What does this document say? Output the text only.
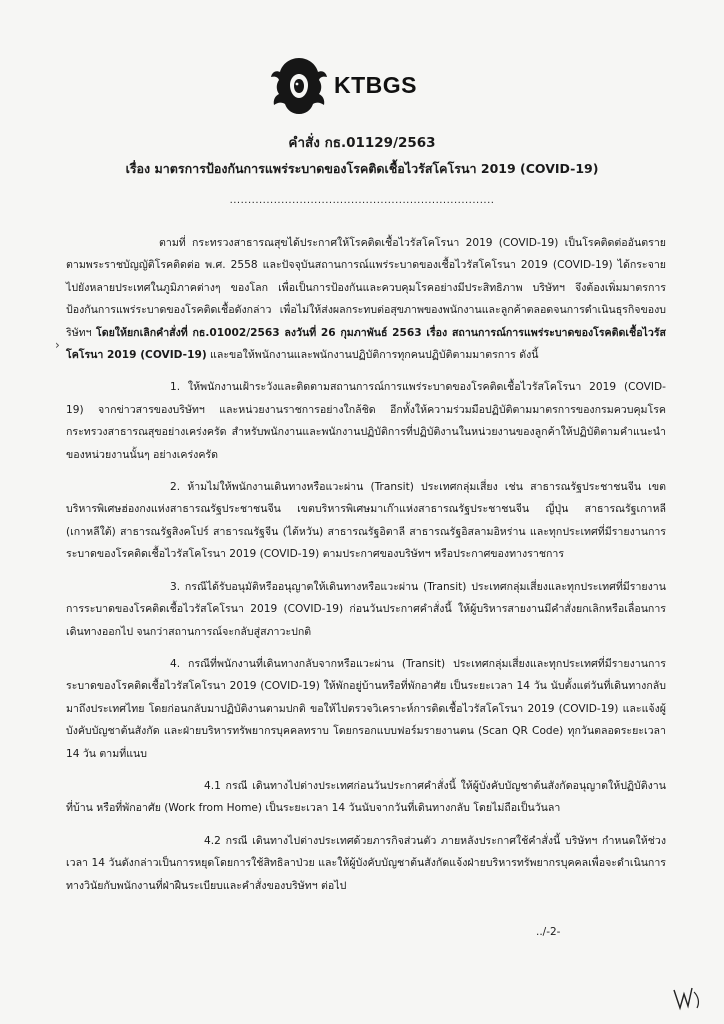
KTBGS
คำสั่ง กธ.01129/2563
เรื่อง มาตรการป้องกันการแพร่ระบาดของโรคติดเชื้อไวรัสโคโรนา 2019 (COVID-19)
........................................................................
›

ตามที่ กระทรวงสาธารณสุขได้ประกาศให้โรคติดเชื้อไวรัสโคโรนา 2019 (COVID-19) เป็นโรคติดต่ออันตราย ตามพระราชบัญญัติโรคติดต่อ พ.ศ. 2558 และปัจจุบันสถานการณ์แพร่ระบาดของเชื้อไวรัสโคโรนา 2019 (COVID-19) ได้กระจายไปยังหลายประเทศในภูมิภาคต่างๆ ของโลก เพื่อเป็นการป้องกันและควบคุมโรคอย่างมีประสิทธิภาพ บริษัทฯ จึงต้องเพิ่มมาตรการป้องกันการแพร่ระบาดของโรคติดเชื้อดังกล่าว เพื่อไม่ให้ส่งผลกระทบต่อสุขภาพของพนักงานและลูกค้าตลอดจนการดำเนินธุรกิจของบริษัทฯ โดยให้ยกเลิกคำสั่งที่ กธ.01002/2563 ลงวันที่ 26 กุมภาพันธ์ 2563 เรื่อง สถานการณ์การแพร่ระบาดของโรคติดเชื้อไวรัสโคโรนา 2019 (COVID-19) และขอให้พนักงานและพนักงานปฏิบัติการทุกคนปฏิบัติตามมาตรการ ดังนี้

1. ให้พนักงานเฝ้าระวังและติดตามสถานการณ์การแพร่ระบาดของโรคติดเชื้อไวรัสโคโรนา 2019 (COVID-19) จากข่าวสารของบริษัทฯ และหน่วยงานราชการอย่างใกล้ชิด อีกทั้งให้ความร่วมมือปฏิบัติตามมาตรการของกรมควบคุมโรค กระทรวงสาธารณสุขอย่างเคร่งครัด สำหรับพนักงานและพนักงานปฏิบัติการที่ปฏิบัติงานในหน่วยงานของลูกค้าให้ปฏิบัติตามคำแนะนำของหน่วยงานนั้นๆ อย่างเคร่งครัด

2. ห้ามไม่ให้พนักงานเดินทางหรือแวะผ่าน (Transit) ประเทศกลุ่มเสี่ยง เช่น สาธารณรัฐประชาชนจีน เขตบริหารพิเศษฮ่องกงแห่งสาธารณรัฐประชาชนจีน เขตบริหารพิเศษมาเก๊าแห่งสาธารณรัฐประชาชนจีน ญี่ปุ่น สาธารณรัฐเกาหลี (เกาหลีใต้) สาธารณรัฐสิงคโปร์ สาธารณรัฐจีน (ไต้หวัน) สาธารณรัฐอิตาลี สาธารณรัฐอิสลามอิหร่าน และทุกประเทศที่มีรายงานการระบาดของโรคติดเชื้อไวรัสโคโรนา 2019 (COVID-19) ตามประกาศของบริษัทฯ หรือประกาศของทางราชการ

3. กรณีได้รับอนุมัติหรืออนุญาตให้เดินทางหรือแวะผ่าน (Transit) ประเทศกลุ่มเสี่ยงและทุกประเทศที่มีรายงานการระบาดของโรคติดเชื้อไวรัสโคโรนา 2019 (COVID-19) ก่อนวันประกาศคำสั่งนี้ ให้ผู้บริหารสายงานมีคำสั่งยกเลิกหรือเลื่อนการเดินทางออกไป จนกว่าสถานการณ์จะกลับสู่สภาวะปกติ

4. กรณีที่พนักงานที่เดินทางกลับจากหรือแวะผ่าน (Transit) ประเทศกลุ่มเสี่ยงและทุกประเทศที่มีรายงานการระบาดของโรคติดเชื้อไวรัสโคโรนา 2019 (COVID-19) ให้พักอยู่บ้านหรือที่พักอาศัย เป็นระยะเวลา 14 วัน นับตั้งแต่วันที่เดินทางกลับมาถึงประเทศไทย โดยก่อนกลับมาปฏิบัติงานตามปกติ ขอให้ไปตรวจวิเคราะห์การติดเชื้อไวรัสโคโรนา 2019 (COVID-19) และแจ้งผู้บังคับบัญชาต้นสังกัด และฝ่ายบริหารทรัพยากรบุคคลทราบ โดยกรอกแบบฟอร์มรายงานตน (Scan QR Code) ทุกวันตลอดระยะเวลา 14 วัน ตามที่แนบ

4.1 กรณี เดินทางไปต่างประเทศก่อนวันประกาศคำสั่งนี้ ให้ผู้บังคับบัญชาต้นสังกัดอนุญาตให้ปฏิบัติงานที่บ้าน หรือที่พักอาศัย (Work from Home) เป็นระยะเวลา 14 วันนับจากวันที่เดินทางกลับ โดยไม่ถือเป็นวันลา

4.2 กรณี เดินทางไปต่างประเทศด้วยภารกิจส่วนตัว ภายหลังประกาศใช้คำสั่งนี้ บริษัทฯ กำหนดให้ช่วงเวลา 14 วันดังกล่าวเป็นการหยุดโดยการใช้สิทธิลาป่วย และให้ผู้บังคับบัญชาต้นสังกัดแจ้งฝ่ายบริหารทรัพยากรบุคคลเพื่อจะดำเนินการทางวินัยกับพนักงานที่ฝ่าฝืนระเบียบและคำสั่งของบริษัทฯ ต่อไป

../-2-
